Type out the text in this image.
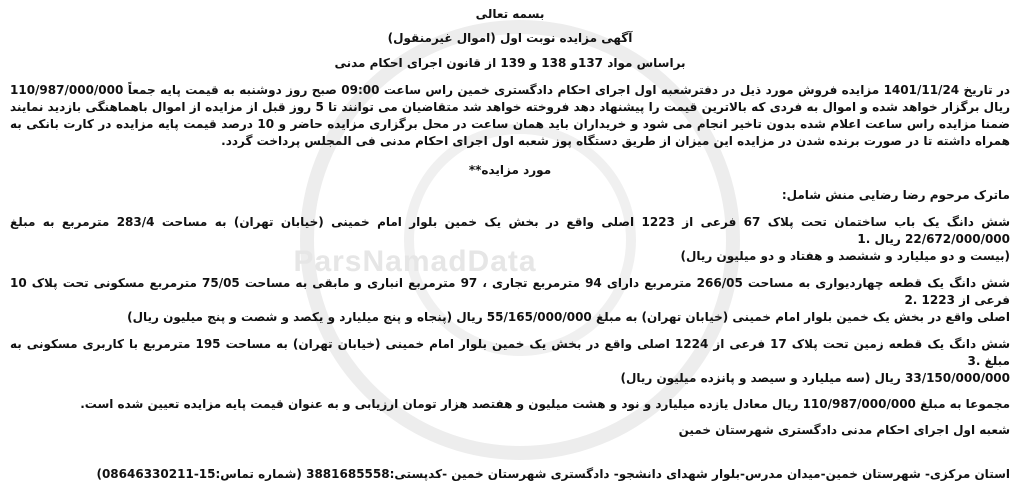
ParsNamadData
بسمه تعالی
آگهی مزایده نوبت اول (اموال غیرمنقول)
براساس مواد 137و 138 و 139 از قانون اجرای احکام مدنی
در تاریخ 1401/11/24 مزایده فروش مورد ذیل در دفترشعبه اول اجرای احکام دادگستری خمین راس ساعت 09:00 صبح روز دوشنبه به قیمت پایه جمعاً 110/987/000/000 ریال برگزار خواهد شده و اموال به فردی که بالاترین قیمت را پیشنهاد دهد فروخته خواهد شد متقاضیان می توانند تا 5 روز قبل از مزایده از اموال باهماهنگی بازدید نمایند ضمنا مزایده راس ساعت اعلام شده بدون تاخیر انجام می شود و خریداران باید همان ساعت در محل برگزاری مزایده حاضر و 10 درصد قیمت پایه مزایده در کارت بانکی به همراه داشته تا در صورت برنده شدن در مزایده این میزان از طریق دستگاه پوز شعبه اول اجرای احکام مدنی فی المجلس پرداخت گردد.
مورد مزایده**
ماترک مرحوم رضا رضایی منش شامل:
شش دانگ یک باب ساختمان تحت پلاک 67 فرعی از 1223 اصلی واقع در بخش یک خمین بلوار امام خمینی (خیابان تهران) به مساحت 283/4 مترمربع به مبلغ 22/672/000/000 ریال .1
(بیست و دو میلیارد و ششصد و هفتاد و دو میلیون ریال)
شش دانگ یک قطعه چهاردیواری به مساحت 266/05 مترمربع دارای 94 مترمربع تجاری ، 97 مترمربع انباری و مابقی به مساحت 75/05 مترمربع مسکونی تحت پلاک 10 فرعی از 1223 .2
اصلی واقع در بخش یک خمین بلوار امام خمینی (خیابان تهران) به مبلغ 55/165/000/000 ریال (پنجاه و پنج میلیارد و یکصد و شصت و پنج میلیون ریال)
شش دانگ یک قطعه زمین تحت پلاک 17 فرعی از 1224 اصلی واقع در بخش یک خمین بلوار امام خمینی (خیابان تهران) به مساحت 195 مترمربع با کاربری مسکونی به مبلغ .3
33/150/000/000 ریال (سه میلیارد و سیصد و پانزده میلیون ریال)
مجموعا به مبلغ 110/987/000/000 ریال معادل یازده میلیارد و نود و هشت میلیون و هفتصد هزار تومان ارزیابی و به عنوان قیمت پایه مزایده تعیین شده است.
شعبه اول اجرای احکام مدنی دادگستری شهرستان خمین
استان مرکزی- شهرستان خمین-میدان مدرس-بلوار شهدای دانشجو- دادگستری شهرستان خمین -کدپستی:3881685558 (شماره تماس:15-08646330211)
